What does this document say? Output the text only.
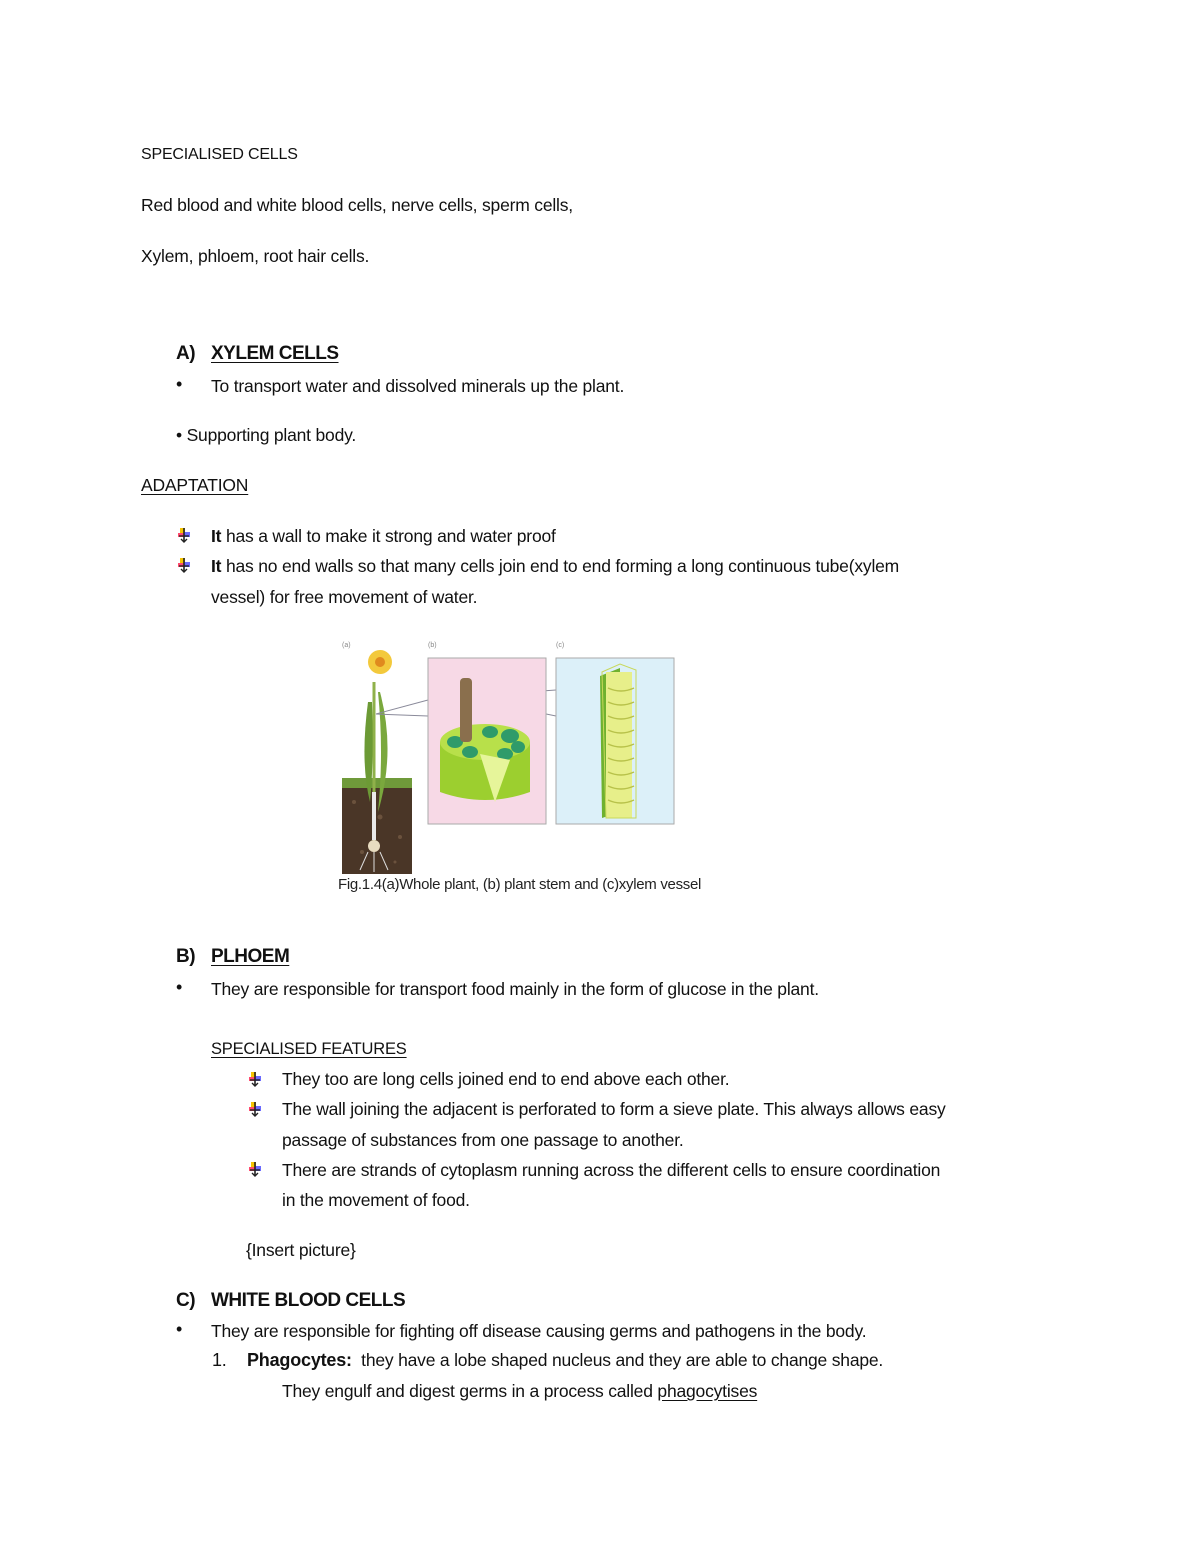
SPECIALISED CELLS
Red blood and white blood cells, nerve cells, sperm cells,
Xylem, phloem, root hair cells.
A) XYLEM CELLS
• To transport water and dissolved minerals up the plant.
• Supporting plant body.
ADAPTATION
It has a wall to make it strong and water proof
It has no end walls so that many cells join end to end forming a long continuous tube(xylem
vessel) for free movement of water.
(a)	(b)	(c)
Fig.1.4(a)Whole plant, (b) plant stem and (c)xylem vessel
B) PLHOEM
• They are responsible for transport food mainly in the form of glucose in the plant.
SPECIALISED FEATURES
They too are long cells joined end to end above each other.
The wall joining the adjacent is perforated to form a sieve plate. This always allows easy
passage of substances from one passage to another.
There are strands of cytoplasm running across the different cells to ensure coordination
in the movement of food.
{Insert picture}
C) WHITE BLOOD CELLS
• They are responsible for fighting off disease causing germs and pathogens in the body.
1. Phagocytes: they have a lobe shaped nucleus and they are able to change shape.
They engulf and digest germs in a process called phagocytises
